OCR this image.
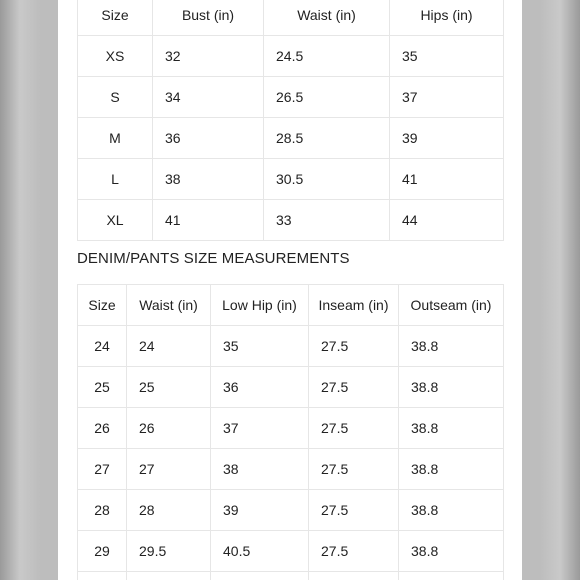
Size	Bust (in)	Waist (in)	Hips (in)
XS	32	24.5	35
S	34	26.5	37
M	36	28.5	39
L	38	30.5	41
XL	41	33	44
DENIM/PANTS SIZE MEASUREMENTS
Size	Waist (in)	Low Hip (in)	Inseam (in)	Outseam (in)
24	24	35	27.5	38.8
25	25	36	27.5	38.8
26	26	37	27.5	38.8
27	27	38	27.5	38.8
28	28	39	27.5	38.8
29	29.5	40.5	27.5	38.8
